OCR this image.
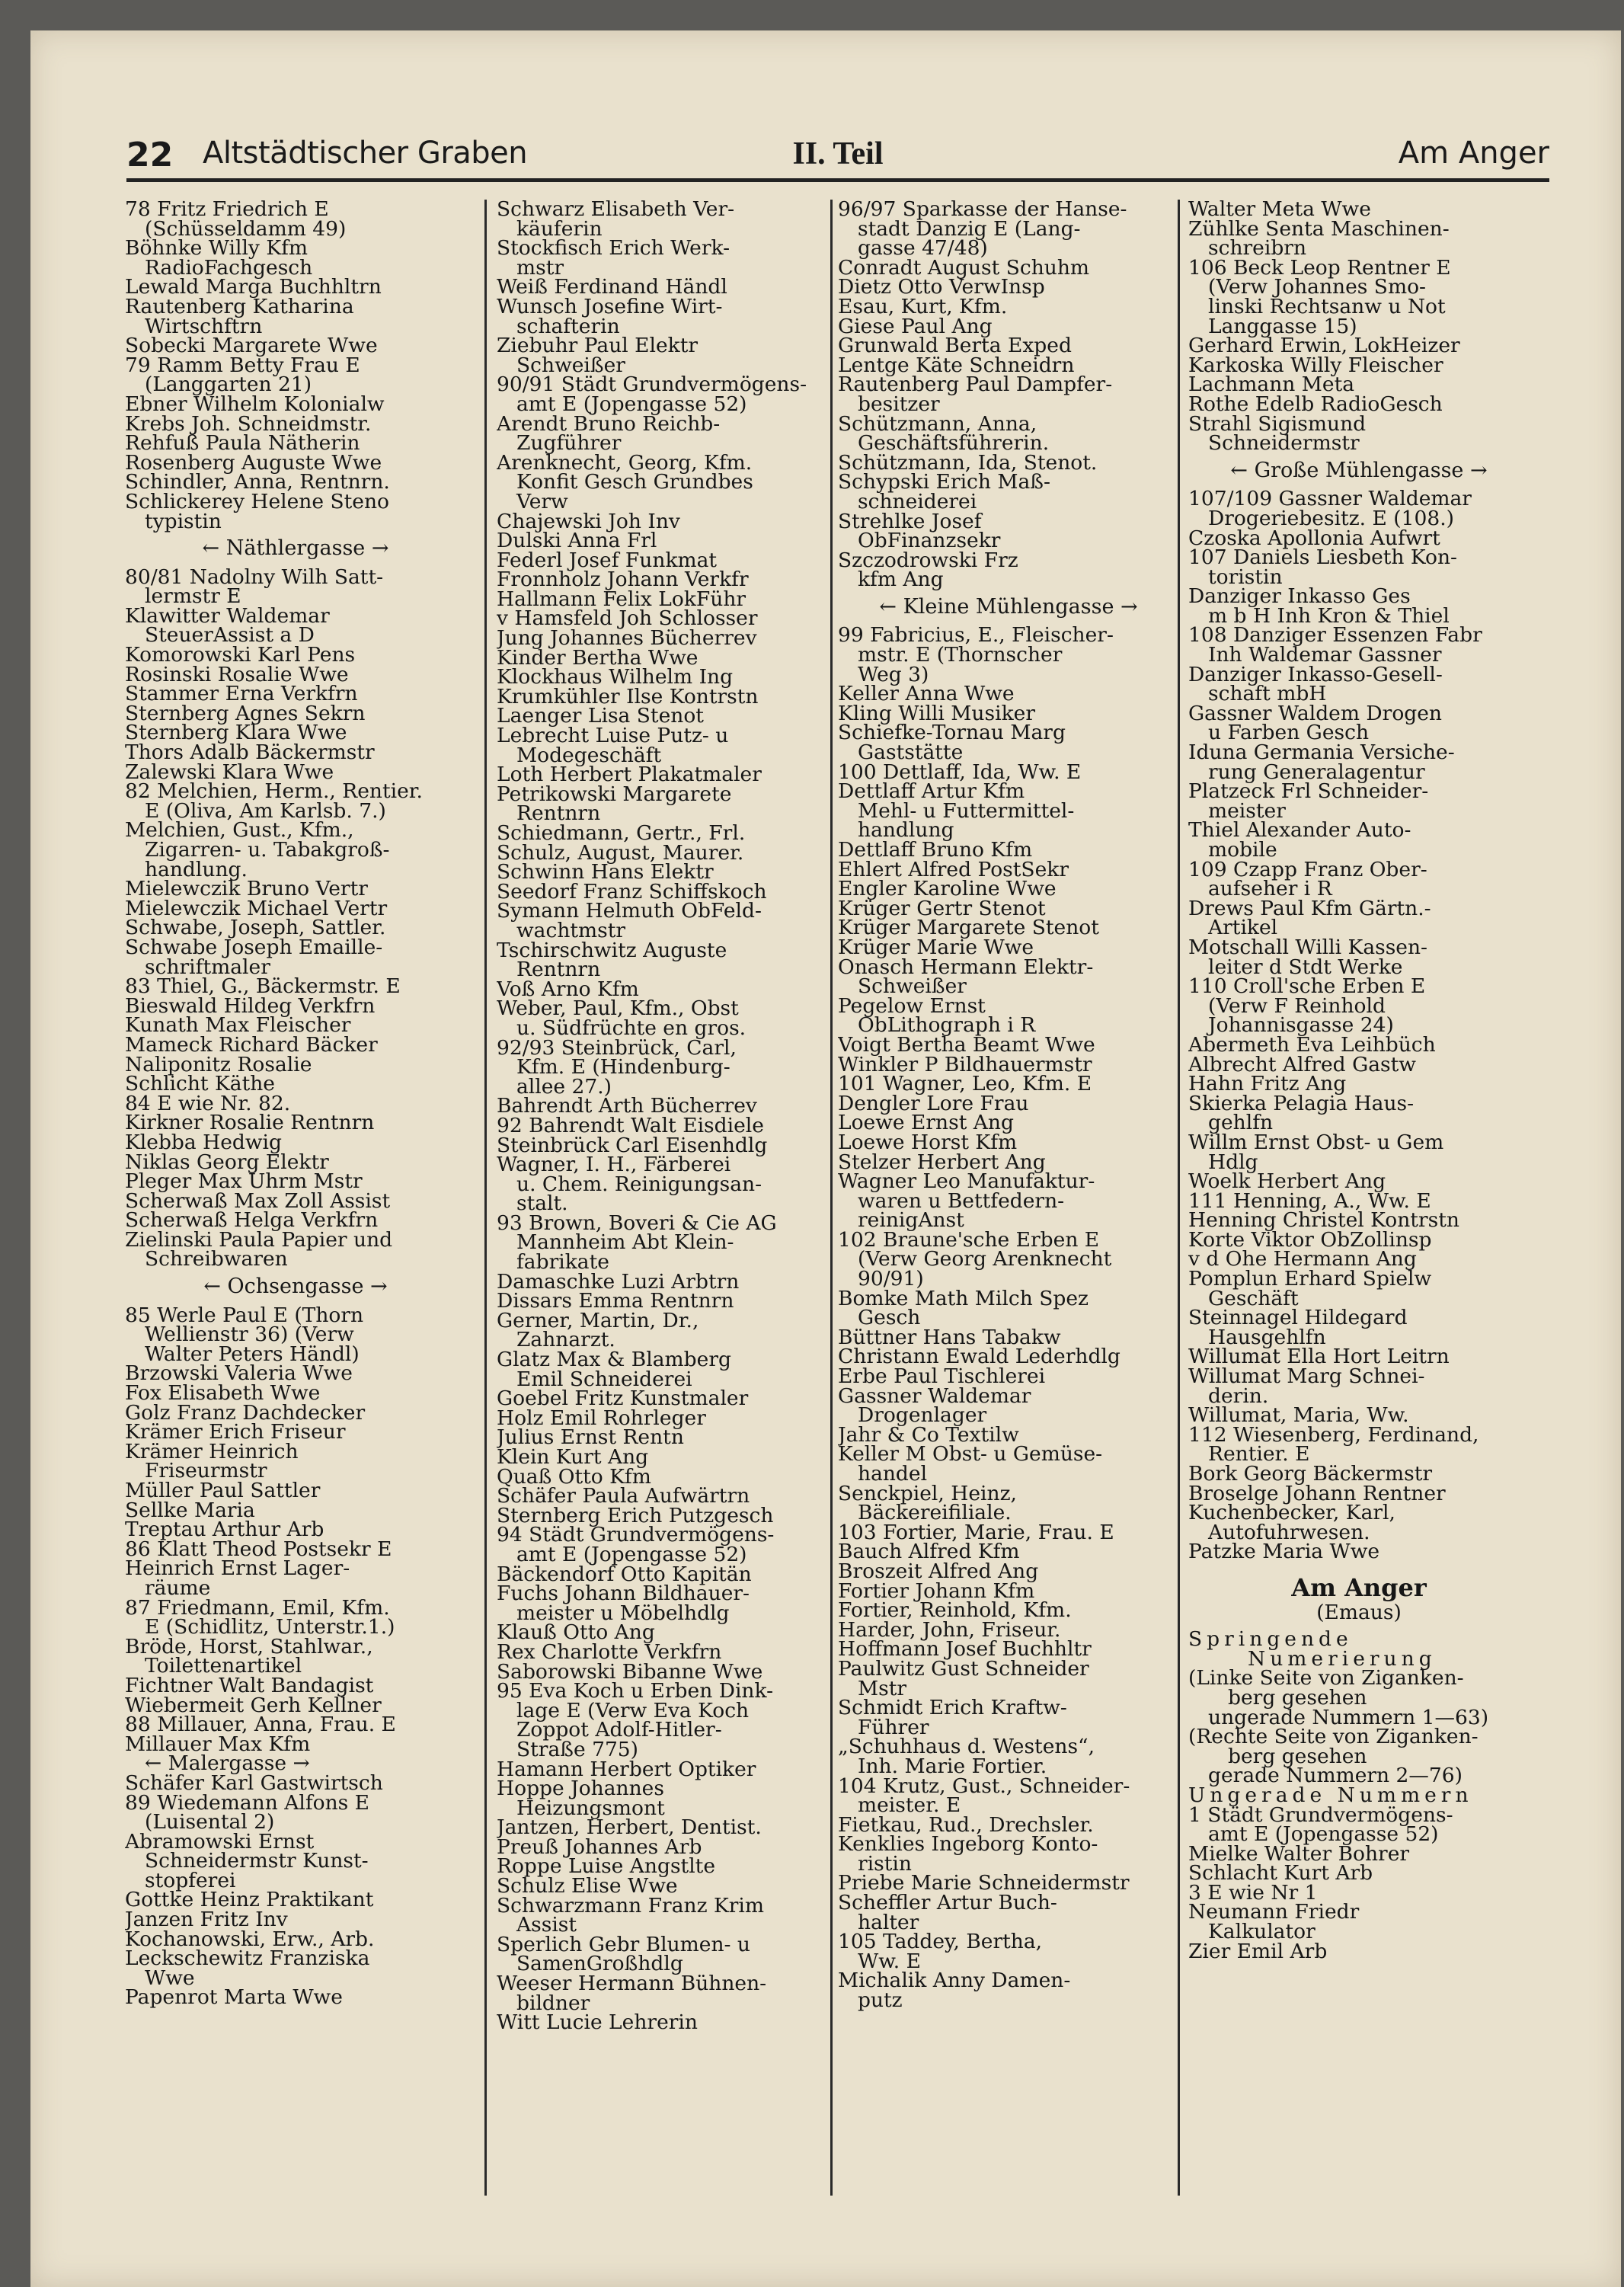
22 Altstädtischer Graben	II. Teil	Am Anger
78 Fritz Friedrich E
(Schüsseldamm 49)
Böhnke Willy Kfm
RadioFachgesch
Lewald Marga Buchhltrn
Rautenberg Katharina
Wirtschftrn
Sobecki Margarete Wwe
79 Ramm Betty Frau E
(Langgarten 21)
Ebner Wilhelm Kolonialw
Krebs Joh. Schneidmstr.
Rehfuß Paula Nätherin
Rosenberg Auguste Wwe
Schindler, Anna, Rentnrn.
Schlickerey Helene Steno
typistin
← Näthlergasse →
80/81 Nadolny Wilh Satt-
lermstr E
Klawitter Waldemar
SteuerAssist a D
Komorowski Karl Pens
Rosinski Rosalie Wwe
Stammer Erna Verkfrn
Sternberg Agnes Sekrn
Sternberg Klara Wwe
Thors Adalb Bäckermstr
Zalewski Klara Wwe
82 Melchien, Herm., Rentier.
E (Oliva, Am Karlsb. 7.)
Melchien, Gust., Kfm.,
Zigarren- u. Tabakgroß-
handlung.
Mielewczik Bruno Vertr
Mielewczik Michael Vertr
Schwabe, Joseph, Sattler.
Schwabe Joseph Emaille-
schriftmaler
83 Thiel, G., Bäckermstr. E
Bieswald Hildeg Verkfrn
Kunath Max Fleischer
Mameck Richard Bäcker
Naliponitz Rosalie
Schlicht Käthe
84 E wie Nr. 82.
Kirkner Rosalie Rentnrn
Klebba Hedwig
Niklas Georg Elektr
Pleger Max Uhrm Mstr
Scherwaß Max Zoll Assist
Scherwaß Helga Verkfrn
Zielinski Paula Papier und
Schreibwaren
← Ochsengasse →
85 Werle Paul E (Thorn
Wellienstr 36) (Verw
Walter Peters Händl)
Brzowski Valeria Wwe
Fox Elisabeth Wwe
Golz Franz Dachdecker
Krämer Erich Friseur
Krämer Heinrich
Friseurmstr
Müller Paul Sattler
Sellke Maria
Treptau Arthur Arb
86 Klatt Theod Postsekr E
Heinrich Ernst Lager-
räume
87 Friedmann, Emil, Kfm.
E (Schidlitz, Unterstr.1.)
Bröde, Horst, Stahlwar.,
Toilettenartikel
Fichtner Walt Bandagist
Wiebermeit Gerh Kellner
88 Millauer, Anna, Frau. E
Millauer Max Kfm
← Malergasse →
Schäfer Karl Gastwirtsch
89 Wiedemann Alfons E
(Luisental 2)
Abramowski Ernst
Schneidermstr Kunst-
stopferei
Gottke Heinz Praktikant
Janzen Fritz Inv
Kochanowski, Erw., Arb.
Leckschewitz Franziska
Wwe
Papenrot Marta Wwe
Schwarz Elisabeth Ver-
käuferin
Stockfisch Erich Werk-
mstr
Weiß Ferdinand Händl
Wunsch Josefine Wirt-
schafterin
Ziebuhr Paul Elektr
Schweißer
90/91 Städt Grundvermögens-
amt E (Jopengasse 52)
Arendt Bruno Reichb-
Zugführer
Arenknecht, Georg, Kfm.
Konfit Gesch Grundbes
Verw
Chajewski Joh Inv
Dulski Anna Frl
Federl Josef Funkmat
Fronnholz Johann Verkfr
Hallmann Felix LokFühr
v Hamsfeld Joh Schlosser
Jung Johannes Bücherrev
Kinder Bertha Wwe
Klockhaus Wilhelm Ing
Krumkühler Ilse Kontrstn
Laenger Lisa Stenot
Lebrecht Luise Putz- u
Modegeschäft
Loth Herbert Plakatmaler
Petrikowski Margarete
Rentnrn
Schiedmann, Gertr., Frl.
Schulz, August, Maurer.
Schwinn Hans Elektr
Seedorf Franz Schiffskoch
Symann Helmuth ObFeld-
wachtmstr
Tschirschwitz Auguste
Rentnrn
Voß Arno Kfm
Weber, Paul, Kfm., Obst
u. Südfrüchte en gros.
92/93 Steinbrück, Carl,
Kfm. E (Hindenburg-
allee 27.)
Bahrendt Arth Bücherrev
92 Bahrendt Walt Eisdiele
Steinbrück Carl Eisenhdlg
Wagner, I. H., Färberei
u. Chem. Reinigungsan-
stalt.
93 Brown, Boveri & Cie AG
Mannheim Abt Klein-
fabrikate
Damaschke Luzi Arbtrn
Dissars Emma Rentnrn
Gerner, Martin, Dr.,
Zahnarzt.
Glatz Max & Blamberg
Emil Schneiderei
Goebel Fritz Kunstmaler
Holz Emil Rohrleger
Julius Ernst Rentn
Klein Kurt Ang
Quaß Otto Kfm
Schäfer Paula Aufwärtrn
Sternberg Erich Putzgesch
94 Städt Grundvermögens-
amt E (Jopengasse 52)
Bäckendorf Otto Kapitän
Fuchs Johann Bildhauer-
meister u Möbelhdlg
Klauß Otto Ang
Rex Charlotte Verkfrn
Saborowski Bibanne Wwe
95 Eva Koch u Erben Dink-
lage E (Verw Eva Koch
Zoppot Adolf-Hitler-
Straße 775)
Hamann Herbert Optiker
Hoppe Johannes
Heizungsmont
Jantzen, Herbert, Dentist.
Preuß Johannes Arb
Roppe Luise Angstlte
Schulz Elise Wwe
Schwarzmann Franz Krim
Assist
Sperlich Gebr Blumen- u
SamenGroßhdlg
Weeser Hermann Bühnen-
bildner
Witt Lucie Lehrerin
96/97 Sparkasse der Hanse-
stadt Danzig E (Lang-
gasse 47/48)
Conradt August Schuhm
Dietz Otto VerwInsp
Esau, Kurt, Kfm.
Giese Paul Ang
Grunwald Berta Exped
Lentge Käte Schneidrn
Rautenberg Paul Dampfer-
besitzer
Schützmann, Anna,
Geschäftsführerin.
Schützmann, Ida, Stenot.
Schypski Erich Maß-
schneiderei
Strehlke Josef
ObFinanzsekr
Szczodrowski Frz
kfm Ang
← Kleine Mühlengasse →
99 Fabricius, E., Fleischer-
mstr. E (Thornscher
Weg 3)
Keller Anna Wwe
Kling Willi Musiker
Schiefke-Tornau Marg
Gaststätte
100 Dettlaff, Ida, Ww. E
Dettlaff Artur Kfm
Mehl- u Futtermittel-
handlung
Dettlaff Bruno Kfm
Ehlert Alfred PostSekr
Engler Karoline Wwe
Krüger Gertr Stenot
Krüger Margarete Stenot
Krüger Marie Wwe
Onasch Hermann Elektr-
Schweißer
Pegelow Ernst
ObLithograph i R
Voigt Bertha Beamt Wwe
Winkler P Bildhauermstr
101 Wagner, Leo, Kfm. E
Dengler Lore Frau
Loewe Ernst Ang
Loewe Horst Kfm
Stelzer Herbert Ang
Wagner Leo Manufaktur-
waren u Bettfedern-
reinigAnst
102 Braune'sche Erben E
(Verw Georg Arenknecht
90/91)
Bomke Math Milch Spez
Gesch
Büttner Hans Tabakw
Christann Ewald Lederhdlg
Erbe Paul Tischlerei
Gassner Waldemar
Drogenlager
Jahr & Co Textilw
Keller M Obst- u Gemüse-
handel
Senckpiel, Heinz,
Bäckereifiliale.
103 Fortier, Marie, Frau. E
Bauch Alfred Kfm
Broszeit Alfred Ang
Fortier Johann Kfm
Fortier, Reinhold, Kfm.
Harder, John, Friseur.
Hoffmann Josef Buchhltr
Paulwitz Gust Schneider
Mstr
Schmidt Erich Kraftw-
Führer
„Schuhhaus d. Westens“,
Inh. Marie Fortier.
104 Krutz, Gust., Schneider-
meister. E
Fietkau, Rud., Drechsler.
Kenklies Ingeborg Konto-
ristin
Priebe Marie Schneidermstr
Scheffler Artur Buch-
halter
105 Taddey, Bertha,
Ww. E
Michalik Anny Damen-
putz
Walter Meta Wwe
Zühlke Senta Maschinen-
schreibrn
106 Beck Leop Rentner E
(Verw Johannes Smo-
linski Rechtsanw u Not
Langgasse 15)
Gerhard Erwin, LokHeizer
Karkoska Willy Fleischer
Lachmann Meta
Rothe Edelb RadioGesch
Strahl Sigismund
Schneidermstr
← Große Mühlengasse →
107/109 Gassner Waldemar
Drogeriebesitz. E (108.)
Czoska Apollonia Aufwrt
107 Daniels Liesbeth Kon-
toristin
Danziger Inkasso Ges
m b H Inh Kron & Thiel
108 Danziger Essenzen Fabr
Inh Waldemar Gassner
Danziger Inkasso-Gesell-
schaft mbH
Gassner Waldem Drogen
u Farben Gesch
Iduna Germania Versiche-
rung Generalagentur
Platzeck Frl Schneider-
meister
Thiel Alexander Auto-
mobile
109 Czapp Franz Ober-
aufseher i R
Drews Paul Kfm Gärtn.-
Artikel
Motschall Willi Kassen-
leiter d Stdt Werke
110 Croll'sche Erben E
(Verw F Reinhold
Johannisgasse 24)
Abermeth Eva Leihbüch
Albrecht Alfred Gastw
Hahn Fritz Ang
Skierka Pelagia Haus-
gehlfn
Willm Ernst Obst- u Gem
Hdlg
Woelk Herbert Ang
111 Henning, A., Ww. E
Henning Christel Kontrstn
Korte Viktor ObZollinsp
v d Ohe Hermann Ang
Pomplun Erhard Spielw
Geschäft
Steinnagel Hildegard
Hausgehlfn
Willumat Ella Hort Leitrn
Willumat Marg Schnei-
derin.
Willumat, Maria, Ww.
112 Wiesenberg, Ferdinand,
Rentier. E
Bork Georg Bäckermstr
Broselge Johann Rentner
Kuchenbecker, Karl,
Autofuhrwesen.
Patzke Maria Wwe
Am Anger
(Emaus)
Springende
Numerierung
(Linke Seite von Ziganken-
berg gesehen
ungerade Nummern 1—63)
(Rechte Seite von Ziganken-
berg gesehen
gerade Nummern 2—76)
Ungerade Nummern
1 Städt Grundvermögens-
amt E (Jopengasse 52)
Mielke Walter Bohrer
Schlacht Kurt Arb
3 E wie Nr 1
Neumann Friedr
Kalkulator
Zier Emil Arb
